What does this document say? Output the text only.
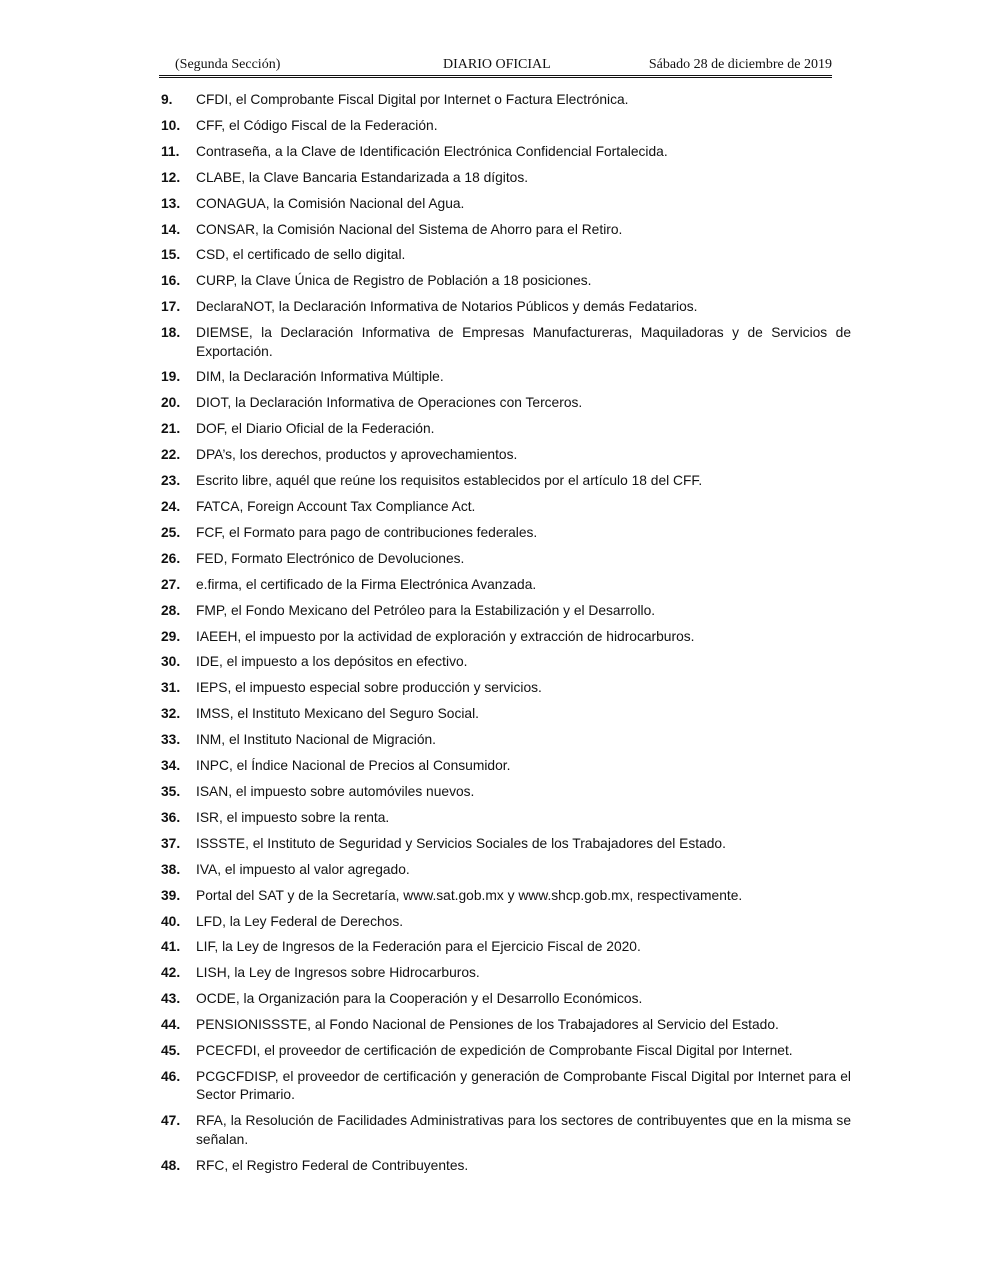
(Segunda Sección)	DIARIO OFICIAL	Sábado 28 de diciembre de 2019
9. CFDI, el Comprobante Fiscal Digital por Internet o Factura Electrónica.
10. CFF, el Código Fiscal de la Federación.
11. Contraseña, a la Clave de Identificación Electrónica Confidencial Fortalecida.
12. CLABE, la Clave Bancaria Estandarizada a 18 dígitos.
13. CONAGUA, la Comisión Nacional del Agua.
14. CONSAR, la Comisión Nacional del Sistema de Ahorro para el Retiro.
15. CSD, el certificado de sello digital.
16. CURP, la Clave Única de Registro de Población a 18 posiciones.
17. DeclaraNOT, la Declaración Informativa de Notarios Públicos y demás Fedatarios.
18. DIEMSE, la Declaración Informativa de Empresas Manufactureras, Maquiladoras y de Servicios de Exportación.
19. DIM, la Declaración Informativa Múltiple.
20. DIOT, la Declaración Informativa de Operaciones con Terceros.
21. DOF, el Diario Oficial de la Federación.
22. DPA’s, los derechos, productos y aprovechamientos.
23. Escrito libre, aquél que reúne los requisitos establecidos por el artículo 18 del CFF.
24. FATCA, Foreign Account Tax Compliance Act.
25. FCF, el Formato para pago de contribuciones federales.
26. FED, Formato Electrónico de Devoluciones.
27. e.firma, el certificado de la Firma Electrónica Avanzada.
28. FMP, el Fondo Mexicano del Petróleo para la Estabilización y el Desarrollo.
29. IAEEH, el impuesto por la actividad de exploración y extracción de hidrocarburos.
30. IDE, el impuesto a los depósitos en efectivo.
31. IEPS, el impuesto especial sobre producción y servicios.
32. IMSS, el Instituto Mexicano del Seguro Social.
33. INM, el Instituto Nacional de Migración.
34. INPC, el Índice Nacional de Precios al Consumidor.
35. ISAN, el impuesto sobre automóviles nuevos.
36. ISR, el impuesto sobre la renta.
37. ISSSTE, el Instituto de Seguridad y Servicios Sociales de los Trabajadores del Estado.
38. IVA, el impuesto al valor agregado.
39. Portal del SAT y de la Secretaría, www.sat.gob.mx y www.shcp.gob.mx, respectivamente.
40. LFD, la Ley Federal de Derechos.
41. LIF, la Ley de Ingresos de la Federación para el Ejercicio Fiscal de 2020.
42. LISH, la Ley de Ingresos sobre Hidrocarburos.
43. OCDE, la Organización para la Cooperación y el Desarrollo Económicos.
44. PENSIONISSSTE, al Fondo Nacional de Pensiones de los Trabajadores al Servicio del Estado.
45. PCECFDI, el proveedor de certificación de expedición de Comprobante Fiscal Digital por Internet.
46. PCGCFDISP, el proveedor de certificación y generación de Comprobante Fiscal Digital por Internet para el Sector Primario.
47. RFA, la Resolución de Facilidades Administrativas para los sectores de contribuyentes que en la misma se señalan.
48. RFC, el Registro Federal de Contribuyentes.
